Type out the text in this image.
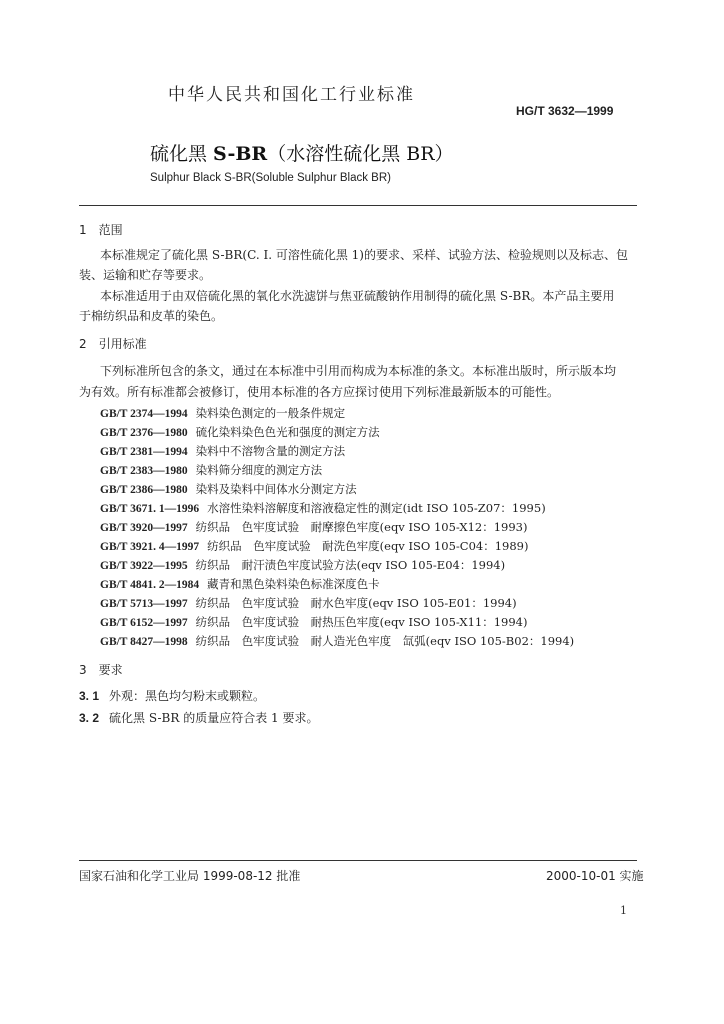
中华人民共和国化工行业标准
HG/T 3632—1999
硫化黑 S-BR（水溶性硫化黑 BR）
Sulphur Black S-BR(Soluble Sulphur Black BR)
1　范围
本标准规定了硫化黑 S-BR(C. I. 可溶性硫化黑 1)的要求、采样、试验方法、检验规则以及标志、包
装、运输和贮存等要求。
本标准适用于由双倍硫化黑的氧化水洗滤饼与焦亚硫酸钠作用制得的硫化黑 S-BR。本产品主要用
于棉纺织品和皮革的染色。
2　引用标准
下列标准所包含的条文，通过在本标准中引用而构成为本标准的条文。本标准出版时，所示版本均
为有效。所有标准都会被修订，使用本标准的各方应探讨使用下列标准最新版本的可能性。
GB/T 2374—1994 染料染色测定的一般条件规定
GB/T 2376—1980 硫化染料染色色光和强度的测定方法
GB/T 2381—1994 染料中不溶物含量的测定方法
GB/T 2383—1980 染料筛分细度的测定方法
GB/T 2386—1980 染料及染料中间体水分测定方法
GB/T 3671. 1—1996 水溶性染料溶解度和溶液稳定性的测定(idt ISO 105-Z07：1995)
GB/T 3920—1997 纺织品　色牢度试验　耐摩擦色牢度(eqv ISO 105-X12：1993)
GB/T 3921. 4—1997 纺织品　色牢度试验　耐洗色牢度(eqv ISO 105-C04：1989)
GB/T 3922—1995 纺织品　耐汗渍色牢度试验方法(eqv ISO 105-E04：1994)
GB/T 4841. 2—1984 藏青和黑色染料染色标准深度色卡
GB/T 5713—1997 纺织品　色牢度试验　耐水色牢度(eqv ISO 105-E01：1994)
GB/T 6152—1997 纺织品　色牢度试验　耐热压色牢度(eqv ISO 105-X11：1994)
GB/T 8427—1998 纺织品　色牢度试验　耐人造光色牢度　氙弧(eqv ISO 105-B02：1994)
3　要求
3. 1 外观：黑色均匀粉末或颗粒。
3. 2 硫化黑 S-BR 的质量应符合表 1 要求。
国家石油和化学工业局 1999-08-12 批准	2000-10-01 实施
1
